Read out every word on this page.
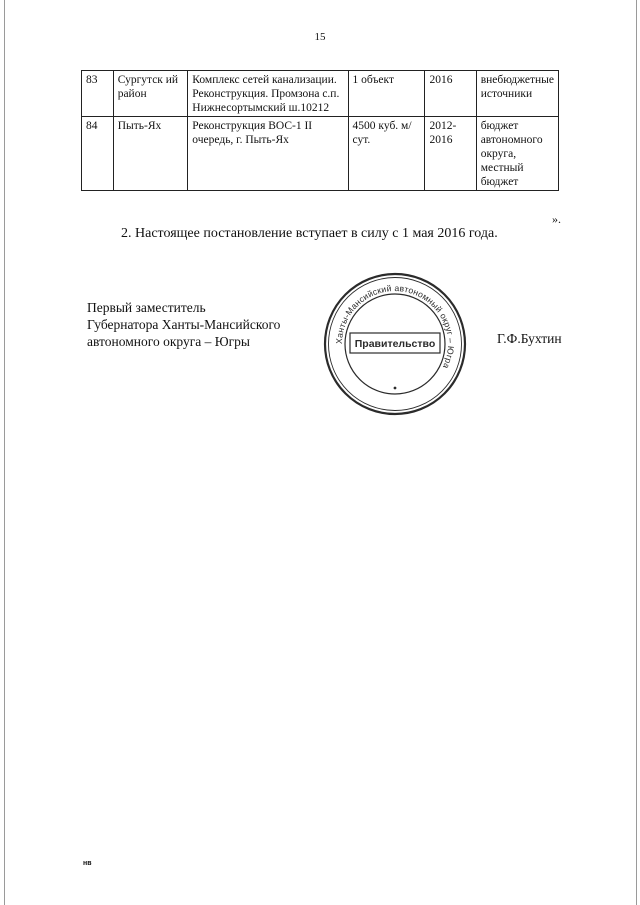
15
83	Сургутск ий район	Комплекс сетей канализации. Реконструкция. Промзона с.п. Нижнесортымский ш.10212	1 объект	2016	внебюджетные источники
84	Пыть-Ях	Реконструкция ВОС-1 II очередь, г. Пыть-Ях	4500 куб. м/сут.	2012- 2016	бюджет автономного округа, местный бюджет
».
2. Настоящее постановление вступает в силу с 1 мая 2016 года.
Первый заместитель
Губернатора Ханты-Мансийского
автономного округа – Югры	Ханты-Мансийский автономный округ – Югра
Правительство	Г.Ф.Бухтин
нв
